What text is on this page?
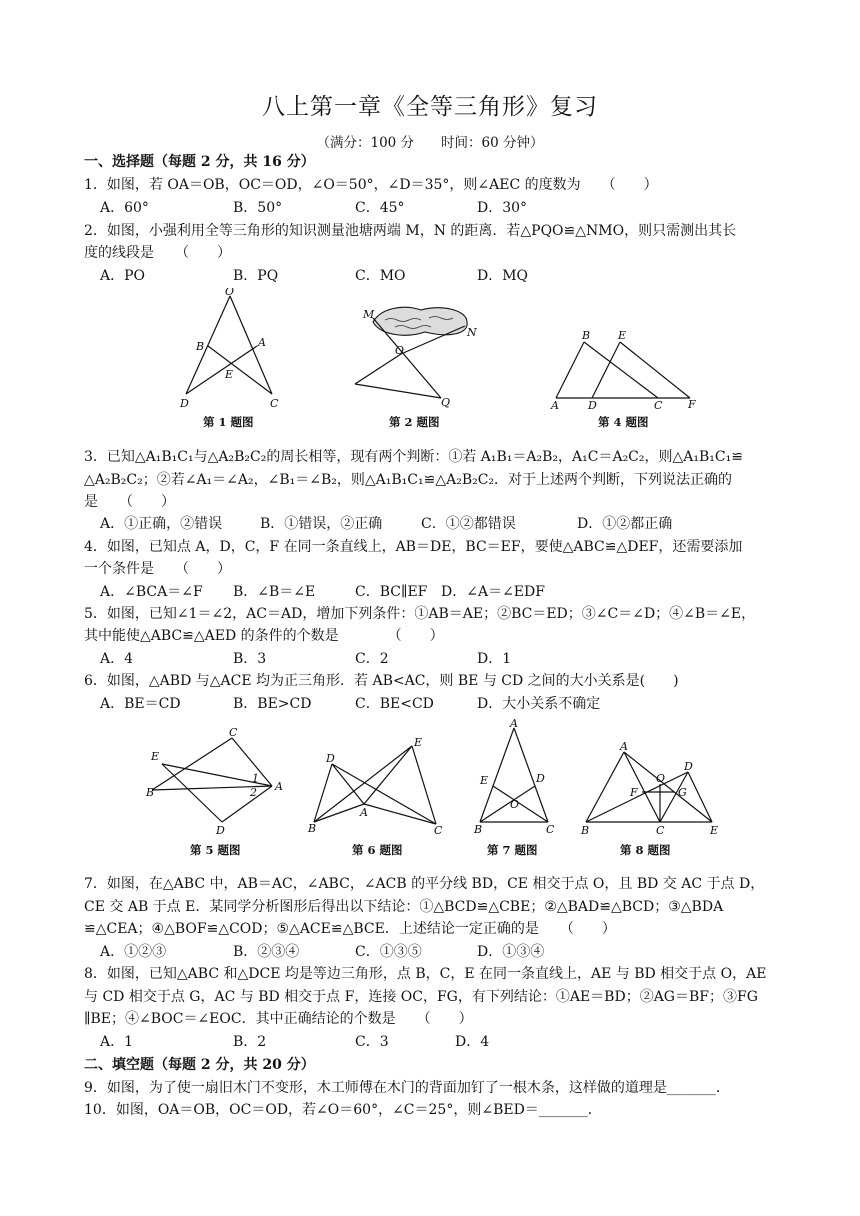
八上第一章《全等三角形》复习
（满分：100 分　　时间：60 分钟）
一、选择题（每题 2 分，共 16 分）
1．如图，若 OA＝OB，OC＝OD，∠O＝50°，∠D＝35°，则∠AEC 的度数为　　（　　）
A．60°	B．50°	C．45°	D．30°
2．如图，小强利用全等三角形的知识测量池塘两端 M，N 的距离．若△PQO≌△NMO，则只需测出其长
度的线段是　　（　　）
A．PO	B．PQ	C．MO	D．MQ
O
B	A
E
D	C
第 1 题图
M
N
O
Q
第 2 题图
B	E
A	D	C F
第 4 题图
3．已知△A₁B₁C₁与△A₂B₂C₂的周长相等，现有两个判断：①若 A₁B₁＝A₂B₂，A₁C＝A₂C₂，则△A₁B₁C₁≌
△A₂B₂C₂；②若∠A₁＝∠A₂，∠B₁＝∠B₂，则△A₁B₁C₁≌△A₂B₂C₂．对于上述两个判断，下列说法正确的
是　　（　　）
A．①正确，②错误	B．①错误，②正确	C．①②都错误	D．①②都正确
4．如图，已知点 A，D，C，F 在同一条直线上，AB＝DE，BC＝EF，要使△ABC≌△DEF，还需要添加
一个条件是　　（　　）
A．∠BCA＝∠F B．∠B＝∠E	C．BC∥EF D．∠A＝∠EDF
5．如图，已知∠1＝∠2，AC＝AD，增加下列条件：①AB＝AE；②BC＝ED；③∠C＝∠D；④∠B＝∠E，
其中能使△ABC≌△AED 的条件的个数是　　　　（　　）
A．4	B．3	C．2	D．1
6．如图，△ABD 与△ACE 均为正三角形．若 AB<AC，则 BE 与 CD 之间的大小关系是(　　)
A．BE＝CD	B．BE>CD	C．BE<CD	D．大小关系不确定
C
E
1
2
B	A
D
第 5 题图
E
D
A
B	C
第 6 题图
A
E	D
O
B	C
第 7 题图
A
D
O
F	G
B	C	E
第 8 题图
7．如图，在△ABC 中，AB＝AC，∠ABC，∠ACB 的平分线 BD，CE 相交于点 O，且 BD 交 AC 于点 D，
CE 交 AB 于点 E．某同学分析图形后得出以下结论：①△BCD≌△CBE；②△BAD≌△BCD；③△BDA
≌△CEA；④△BOF≌△COD；⑤△ACE≌△BCE．上述结论一定正确的是　　（　　）
A．①②③	B．②③④	C．①③⑤	D．①③④
8．如图，已知△ABC 和△DCE 均是等边三角形，点 B，C，E 在同一条直线上，AE 与 BD 相交于点 O，AE
与 CD 相交于点 G，AC 与 BD 相交于点 F，连接 OC，FG，有下列结论：①AE＝BD；②AG＝BF；③FG
∥BE；④∠BOC＝∠EOC．其中正确结论的个数是　　（　　）
A．1	B．2	C．3	D．4
二、填空题（每题 2 分，共 20 分）
9．如图，为了使一扇旧木门不变形，木工师傅在木门的背面加钉了一根木条，这样做的道理是_______．
10．如图，OA＝OB，OC＝OD，若∠O＝60°，∠C＝25°，则∠BED＝_______．
